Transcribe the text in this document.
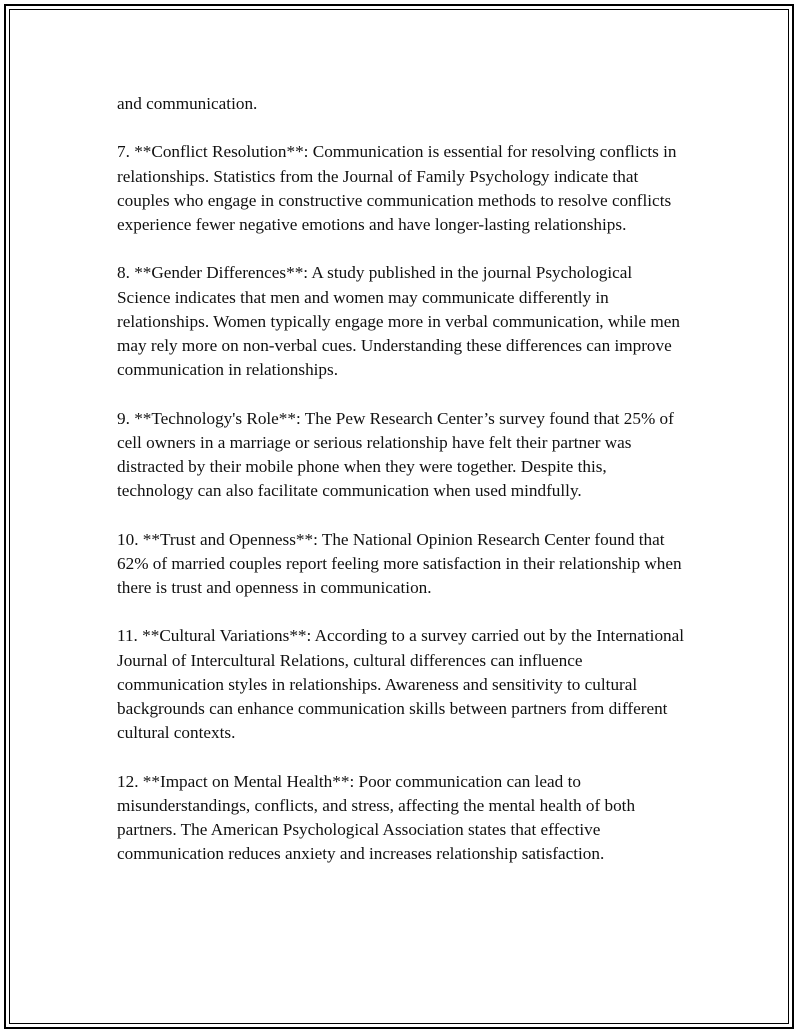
and communication.

7. **Conflict Resolution**: Communication is essential for resolving conflicts in relationships. Statistics from the Journal of Family Psychology indicate that couples who engage in constructive communication methods to resolve conflicts experience fewer negative emotions and have longer-lasting relationships.

8. **Gender Differences**: A study published in the journal Psychological Science indicates that men and women may communicate differently in relationships. Women typically engage more in verbal communication, while men may rely more on non-verbal cues. Understanding these differences can improve communication in relationships.

9. **Technology's Role**: The Pew Research Center’s survey found that 25% of cell owners in a marriage or serious relationship have felt their partner was distracted by their mobile phone when they were together. Despite this, technology can also facilitate communication when used mindfully.

10. **Trust and Openness**: The National Opinion Research Center found that 62% of married couples report feeling more satisfaction in their relationship when there is trust and openness in communication.

11. **Cultural Variations**: According to a survey carried out by the International Journal of Intercultural Relations, cultural differences can influence communication styles in relationships. Awareness and sensitivity to cultural backgrounds can enhance communication skills between partners from different cultural contexts.

12. **Impact on Mental Health**: Poor communication can lead to misunderstandings, conflicts, and stress, affecting the mental health of both partners. The American Psychological Association states that effective communication reduces anxiety and increases relationship satisfaction.
